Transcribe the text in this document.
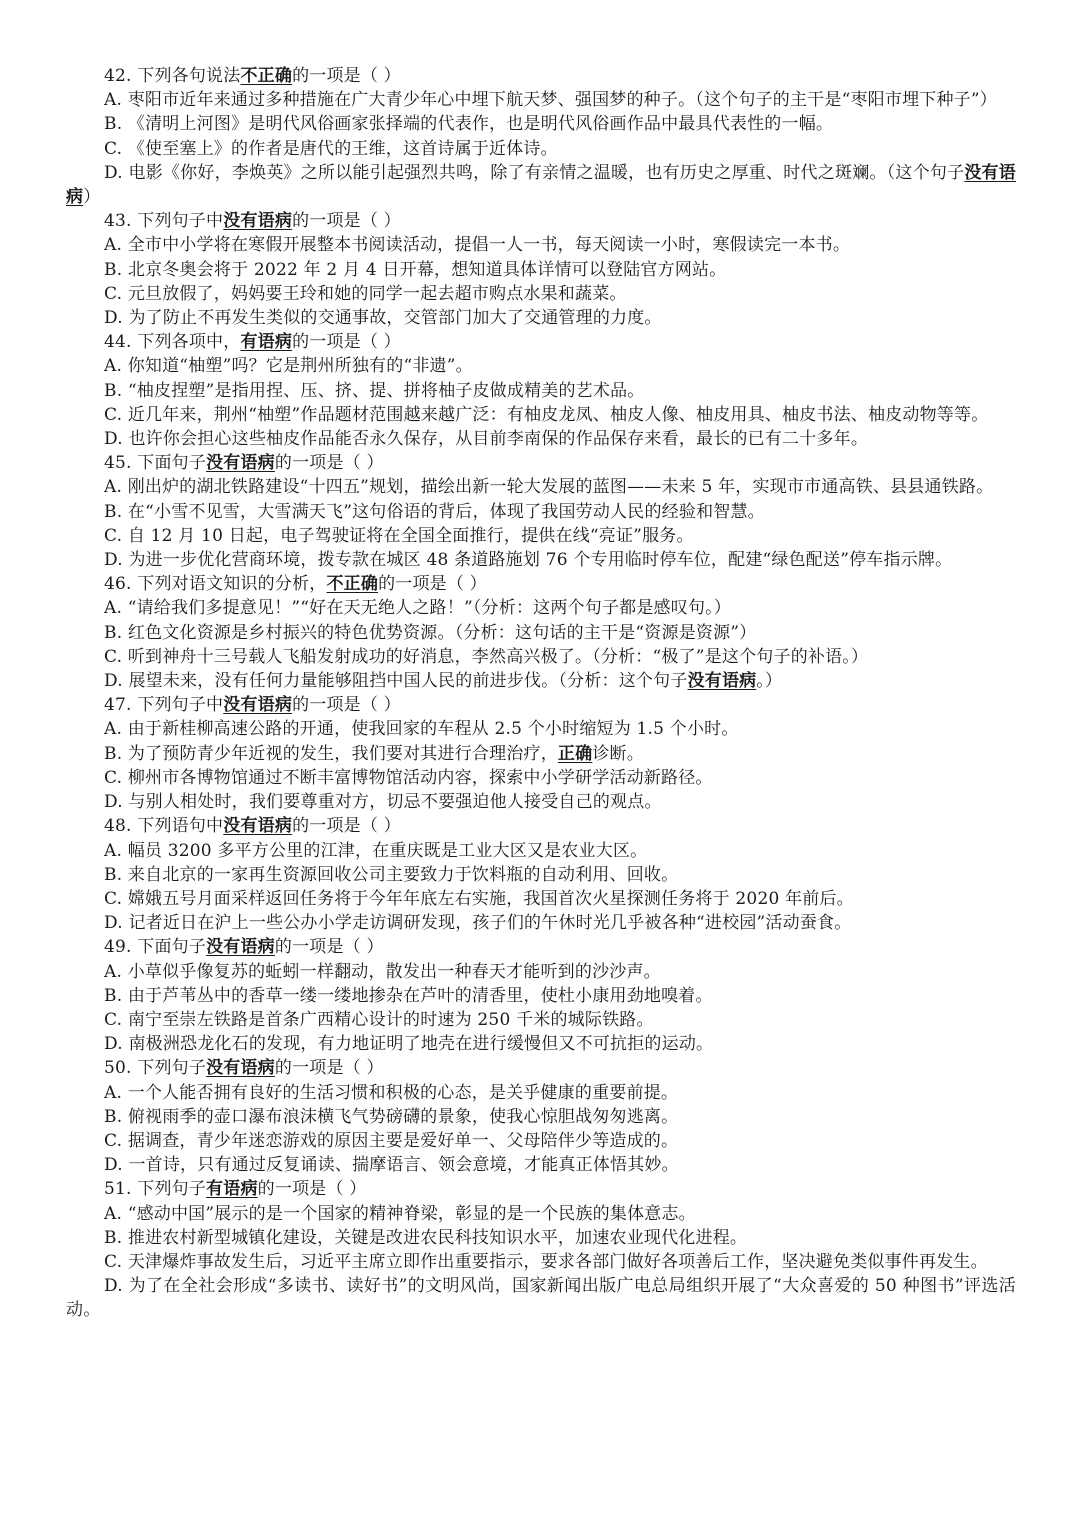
42. 下列各句说法不正确的一项是（ ）

A. 枣阳市近年来通过多种措施在广大青少年心中埋下航天梦、强国梦的种子。（这个句子的主干是“枣阳市埋下种子”）

B. 《清明上河图》是明代风俗画家张择端的代表作，也是明代风俗画作品中最具代表性的一幅。

C. 《使至塞上》的作者是唐代的王维，这首诗属于近体诗。

D. 电影《你好，李焕英》之所以能引起强烈共鸣，除了有亲情之温暖，也有历史之厚重、时代之斑斓。（这个句子没有语病）

43. 下列句子中没有语病的一项是（ ）

A. 全市中小学将在寒假开展整本书阅读活动，提倡一人一书，每天阅读一小时，寒假读完一本书。

B. 北京冬奥会将于 2022 年 2 月 4 日开幕，想知道具体详情可以登陆官方网站。

C. 元旦放假了，妈妈要王玲和她的同学一起去超市购点水果和蔬菜。

D. 为了防止不再发生类似的交通事故，交管部门加大了交通管理的力度。

44. 下列各项中，有语病的一项是（ ）

A. 你知道“柚塑”吗？它是荆州所独有的“非遗”。

B. “柚皮捏塑”是指用捏、压、挤、提、拼将柚子皮做成精美的艺术品。

C. 近几年来，荆州“柚塑”作品题材范围越来越广泛：有柚皮龙凤、柚皮人像、柚皮用具、柚皮书法、柚皮动物等等。

D. 也许你会担心这些柚皮作品能否永久保存，从目前李南保的作品保存来看，最长的已有二十多年。

45. 下面句子没有语病的一项是（ ）

A. 刚出炉的湖北铁路建设“十四五”规划，描绘出新一轮大发展的蓝图——未来 5 年，实现市市通高铁、县县通铁路。

B. 在“小雪不见雪，大雪满天飞”这句俗语的背后，体现了我国劳动人民的经验和智慧。

C. 自 12 月 10 日起，电子驾驶证将在全国全面推行，提供在线“亮证”服务。

D. 为进一步优化营商环境，拨专款在城区 48 条道路施划 76 个专用临时停车位，配建“绿色配送”停车指示牌。

46. 下列对语文知识的分析，不正确的一项是（ ）

A. “请给我们多提意见！”“好在天无绝人之路！”（分析：这两个句子都是感叹句。）

B. 红色文化资源是乡村振兴的特色优势资源。（分析：这句话的主干是“资源是资源”）

C. 听到神舟十三号载人飞船发射成功的好消息，李然高兴极了。（分析：“极了”是这个句子的补语。）

D. 展望未来，没有任何力量能够阻挡中国人民的前进步伐。（分析：这个句子没有语病。）

47. 下列句子中没有语病的一项是（ ）

A. 由于新桂柳高速公路的开通，使我回家的车程从 2.5 个小时缩短为 1.5 个小时。

B. 为了预防青少年近视的发生，我们要对其进行合理治疗，正确诊断。

C. 柳州市各博物馆通过不断丰富博物馆活动内容，探索中小学研学活动新路径。

D. 与别人相处时，我们要尊重对方，切忌不要强迫他人接受自己的观点。

48. 下列语句中没有语病的一项是（ ）

A. 幅员 3200 多平方公里的江津，在重庆既是工业大区又是农业大区。

B. 来自北京的一家再生资源回收公司主要致力于饮料瓶的自动利用、回收。

C. 嫦娥五号月面采样返回任务将于今年年底左右实施，我国首次火星探测任务将于 2020 年前后。

D. 记者近日在沪上一些公办小学走访调研发现，孩子们的午休时光几乎被各种“进校园”活动蚕食。

49. 下面句子没有语病的一项是（ ）

A. 小草似乎像复苏的蚯蚓一样翻动，散发出一种春天才能听到的沙沙声。

B. 由于芦苇丛中的香草一缕一缕地掺杂在芦叶的清香里，使杜小康用劲地嗅着。

C. 南宁至崇左铁路是首条广西精心设计的时速为 250 千米的城际铁路。

D. 南极洲恐龙化石的发现，有力地证明了地壳在进行缓慢但又不可抗拒的运动。

50. 下列句子没有语病的一项是（ ）

A. 一个人能否拥有良好的生活习惯和积极的心态，是关乎健康的重要前提。

B. 俯视雨季的壶口瀑布浪沫横飞气势磅礴的景象，使我心惊胆战匆匆逃离。

C. 据调查，青少年迷恋游戏的原因主要是爱好单一、父母陪伴少等造成的。

D. 一首诗，只有通过反复诵读、揣摩语言、领会意境，才能真正体悟其妙。

51. 下列句子有语病的一项是（ ）

A. “感动中国”展示的是一个国家的精神脊梁，彰显的是一个民族的集体意志。

B. 推进农村新型城镇化建设，关键是改进农民科技知识水平，加速农业现代化进程。

C. 天津爆炸事故发生后，习近平主席立即作出重要指示，要求各部门做好各项善后工作，坚决避免类似事件再发生。

D. 为了在全社会形成“多读书、读好书”的文明风尚，国家新闻出版广电总局组织开展了“大众喜爱的 50 种图书”评选活动。
